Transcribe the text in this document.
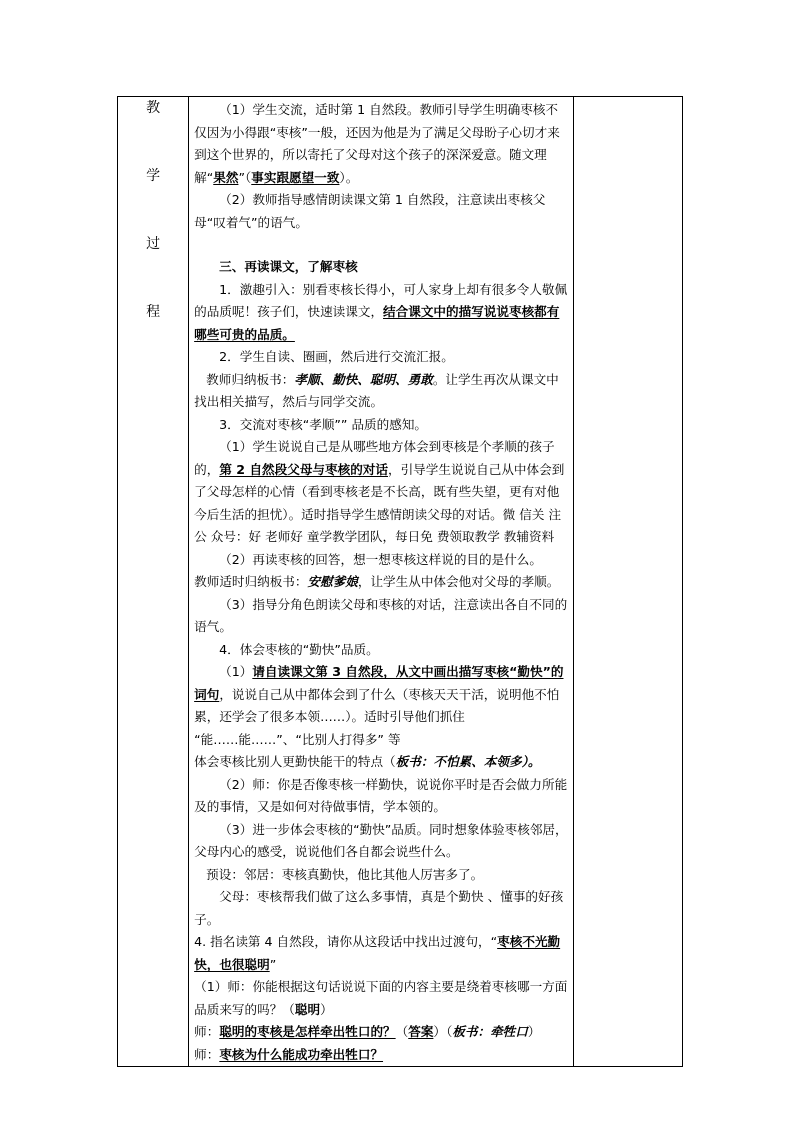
教
学
过
程

（1）学生交流，适时第 1 自然段。教师引导学生明确枣核不仅因为小得跟“枣核”一般，还因为他是为了满足父母盼子心切才来到这个世界的，所以寄托了父母对这个孩子的深深爱意。随文理解“果然”（事实跟愿望一致）。

（2）教师指导感情朗读课文第 1 自然段，注意读出枣核父母“叹着气”的语气。

三、再读课文，了解枣核

1．激趣引入：别看枣核长得小，可人家身上却有很多令人敬佩的品质呢！孩子们，快速读课文，结合课文中的描写说说枣核都有哪些可贵的品质。

2．学生自读、圈画，然后进行交流汇报。

教师归纳板书：孝顺、勤快、聪明、勇敢。让学生再次从课文中找出相关描写，然后与同学交流。

3．交流对枣核“孝顺”” 品质的感知。

（1）学生说说自己是从哪些地方体会到枣核是个孝顺的孩子的，第 2 自然段父母与枣核的对话，引导学生说说自己从中体会到了父母怎样的心情（看到枣核老是不长高，既有些失望，更有对他今后生活的担忧）。适时指导学生感情朗读父母的对话。微 信关 注公 众号：好 老师好 童学教学团队，每日免 费领取教学 教辅资料

（2）再读枣核的回答，想一想枣核这样说的目的是什么。

教师适时归纳板书：安慰爹娘，让学生从中体会他对父母的孝顺。

（3）指导分角色朗读父母和枣核的对话，注意读出各自不同的语气。

4．体会枣核的“勤快”品质。

（1）请自读课文第 3 自然段，从文中画出描写枣核“勤快”的词句，说说自己从中都体会到了什么（枣核天天干活，说明他不怕累，还学会了很多本领……）。适时引导他们抓住

“能……能……”、“比别人打得多” 等

体会枣核比别人更勤快能干的特点（板书：不怕累、本领多）。

（2）师：你是否像枣核一样勤快，说说你平时是否会做力所能及的事情，又是如何对待做事情，学本领的。

（3）进一步体会枣核的“勤快”品质。同时想象体验枣核邻居，父母内心的感受，说说他们各自都会说些什么。

预设：邻居：枣核真勤快，他比其他人厉害多了。

父母：枣核帮我们做了这么多事情，真是个勤快 、懂事的好孩子。

4. 指名读第 4 自然段，请你从这段话中找出过渡句，“枣核不光勤快，也很聪明”

（1）师：你能根据这句话说说下面的内容主要是绕着枣核哪一方面品质来写的吗？（聪明）

师：聪明的枣核是怎样牵出牲口的？（答案）（板书：牵牲口）

师：枣核为什么能成功牵出牲口？
